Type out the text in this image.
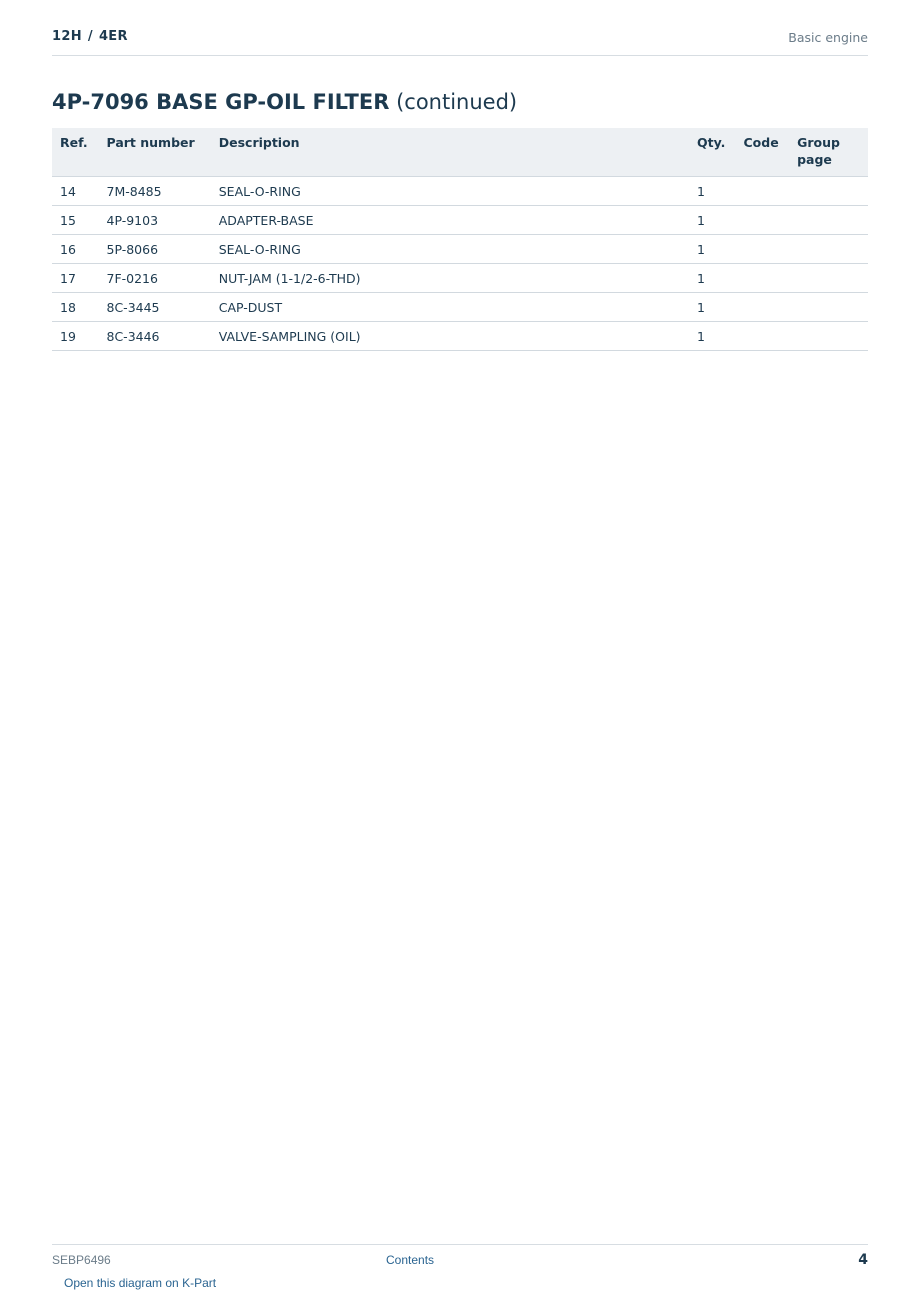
12H / 4ER	Basic engine
4P-7096 BASE GP-OIL FILTER (continued)
Ref.	Part number	Description	Qty.	Code	Group page
14	7M-8485	SEAL-O-RING	1		
15	4P-9103	ADAPTER-BASE	1		
16	5P-8066	SEAL-O-RING	1		
17	7F-0216	NUT-JAM (1-1/2-6-THD)	1		
18	8C-3445	CAP-DUST	1		
19	8C-3446	VALVE-SAMPLING (OIL)	1		
SEBP6496	Contents	4
Open this diagram on K-Part
